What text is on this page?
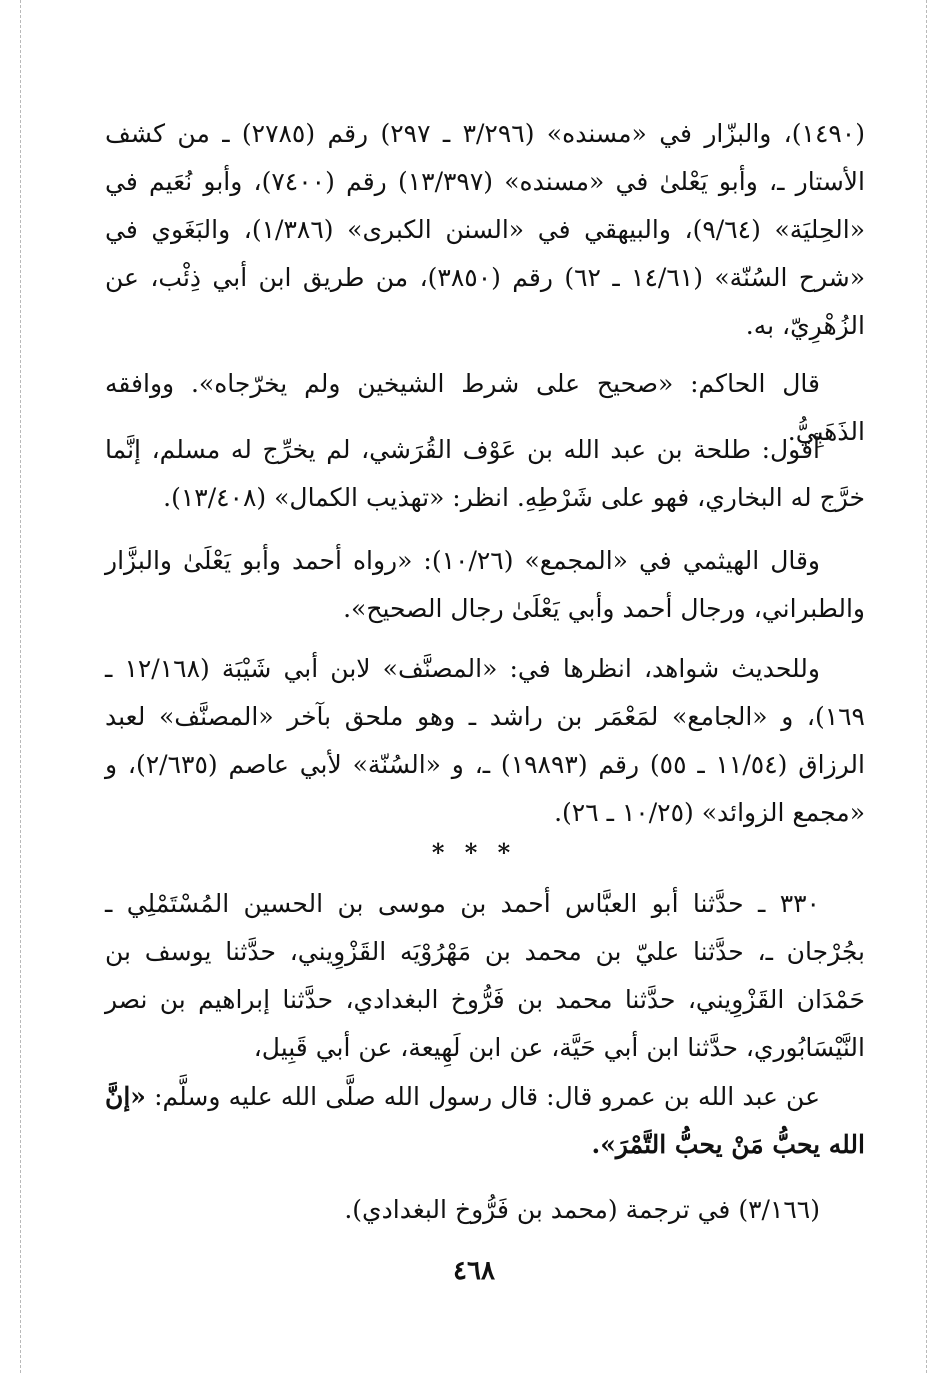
(١٤٩٠)، والبزّار في «مسنده» (٣/٢٩٦ ـ ٢٩٧) رقم (٢٧٨٥) ـ من كشف الأستار ـ، وأبو يَعْلىٰ في «مسنده» (١٣/٣٩٧) رقم (٧٤٠٠)، وأبو نُعَيم في «الحِليَة» (٩/٦٤)، والبيهقي في «السنن الكبرى» (١/٣٨٦)، والبَغَوي في «شرح السُنّة» (١٤/٦١ ـ ٦٢) رقم (٣٨٥٠)، من طريق ابن أبي ذِئْب، عن الزُهْرِيّ، به.

قال الحاكم: «صحيح على شرط الشيخين ولم يخرّجاه». ووافقه الذَهَبِيُّ.

أقول: طلحة بن عبد الله بن عَوْف القُرَشي، لم يخرِّج له مسلم، إنَّما خرَّج له البخاري، فهو على شَرْطِهِ. انظر: «تهذيب الكمال» (١٣/٤٠٨).

وقال الهيثمي في «المجمع» (١٠/٢٦): «رواه أحمد وأبو يَعْلَىٰ والبزَّار والطبراني، ورجال أحمد وأبي يَعْلَىٰ رجال الصحيح».

وللحديث شواهد، انظرها في: «المصنَّف» لابن أبي شَيْبَة (١٢/١٦٨ ـ ١٦٩)، و «الجامع» لمَعْمَر بن راشد ـ وهو ملحق بآخر «المصنَّف» لعبد الرزاق (١١/٥٤ ـ ٥٥) رقم (١٩٨٩٣) ـ، و «السُنّة» لأبي عاصم (٢/٦٣٥)، و «مجمع الزوائد» (١٠/٢٥ ـ ٢٦).

* * *

٣٣٠ ـ حدَّثنا أبو العبَّاس أحمد بن موسى بن الحسين المُسْتَمْلِي ـ بجُرْجان ـ، حدَّثنا عليّ بن محمد بن مَهْرُوْيَه القَزْوِيني، حدَّثنا يوسف بن حَمْدَان القَزْوِيني، حدَّثنا محمد بن فَرُّوخ البغدادي، حدَّثنا إبراهيم بن نصر النَّيْسَابُوري، حدَّثنا ابن أبي حَيَّة، عن ابن لَهِيعة، عن أبي قَبِيل،

عن عبد الله بن عمرو قال: قال رسول الله صلَّى الله عليه وسلَّم: «إنَّ الله يحبُّ مَنْ يحبُّ التَّمْرَ».

(٣/١٦٦) في ترجمة (محمد بن فَرُّوخ البغدادي).

٤٦٨
